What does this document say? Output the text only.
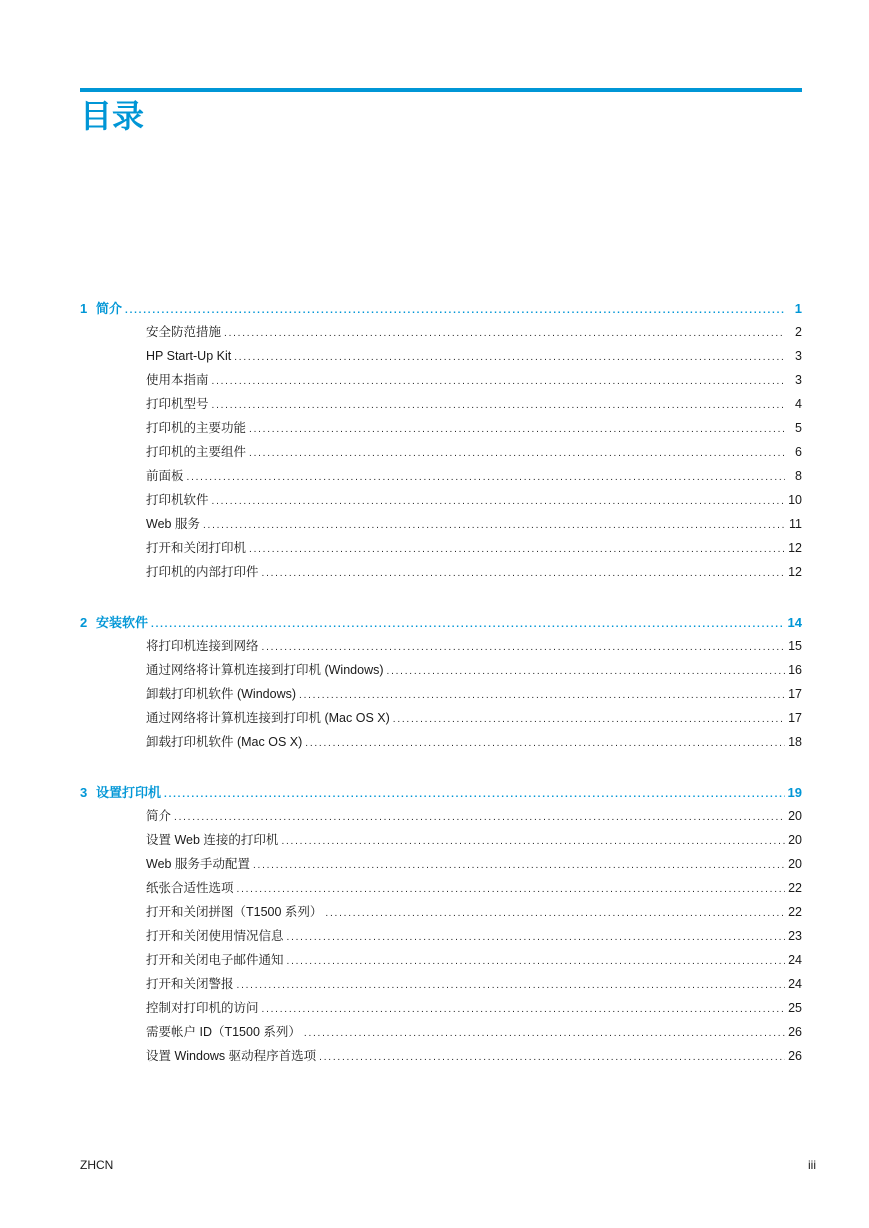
目录
1 简介 . . .	1
安全防范措施 . . .	2
HP Start-Up Kit . . .	3
使用本指南 . . .	3
打印机型号 . . .	4
打印机的主要功能 . . .	5
打印机的主要组件 . . .	6
前面板 . . .	8
打印机软件 . . .	10
Web 服务 . . .	11
打开和关闭打印机 . . .	12
打印机的内部打印件 . . .	12
2 安装软件 . . .	14
将打印机连接到网络 . . .	15
通过网络将计算机连接到打印机 (Windows) . . .	16
卸载打印机软件 (Windows) . . .	17
通过网络将计算机连接到打印机 (Mac OS X) . . .	17
卸载打印机软件 (Mac OS X) . . .	18
3 设置打印机 . . .	19
简介 . . .	20
设置 Web 连接的打印机 . . .	20
Web 服务手动配置 . . .	20
纸张合适性选项 . . .	22
打开和关闭拼图（T1500 系列） . . .	22
打开和关闭使用情况信息 . . .	23
打开和关闭电子邮件通知 . . .	24
打开和关闭警报 . . .	24
控制对打印机的访问 . . .	25
需要帐户 ID（T1500 系列） . . .	26
设置 Windows 驱动程序首选项 . . .	26
ZHCN	iii
